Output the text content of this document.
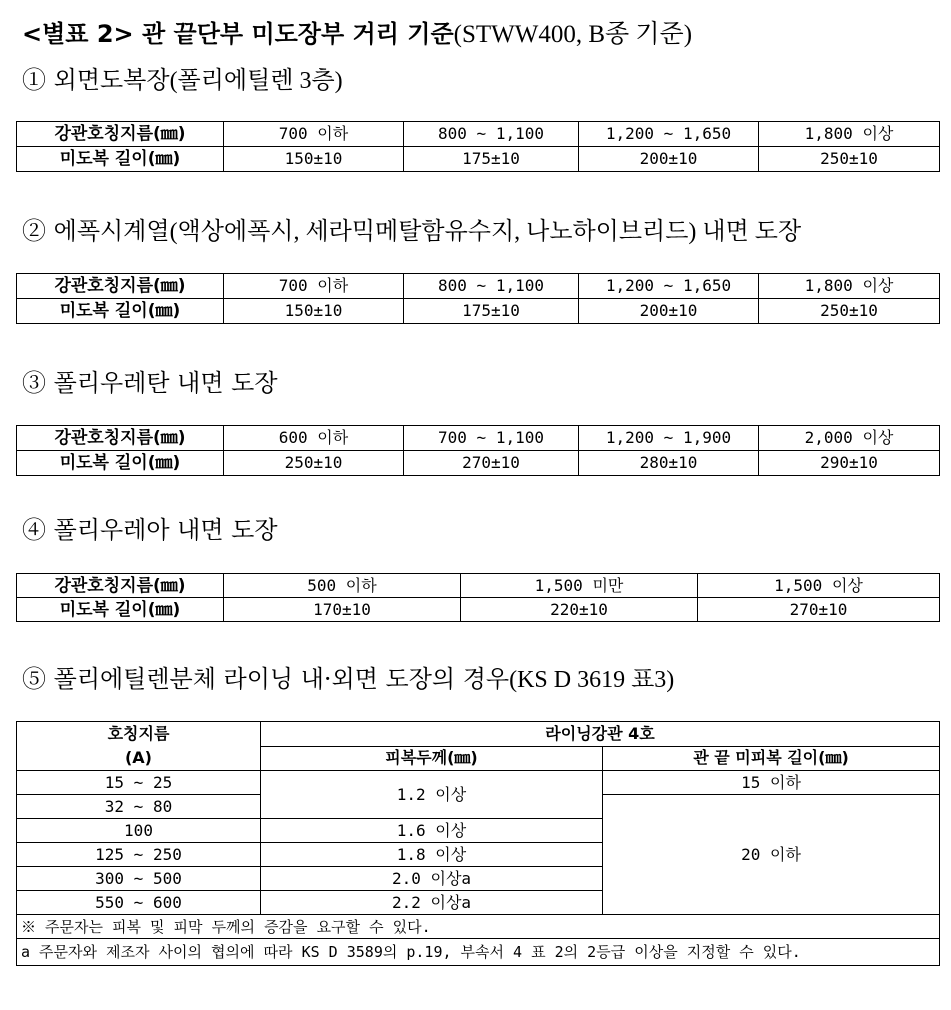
<별표 2> 관 끝단부 미도장부 거리 기준(STWW400, B종 기준)
① 외면도복장(폴리에틸렌 3층)
강관호칭지름(㎜)	700 이하	800 ~ 1,100	1,200 ~ 1,650	1,800 이상
미도복 길이(㎜)	150±10	175±10	200±10	250±10
② 에폭시계열(액상에폭시, 세라믹메탈함유수지, 나노하이브리드) 내면 도장
강관호칭지름(㎜)	700 이하	800 ~ 1,100	1,200 ~ 1,650	1,800 이상
미도복 길이(㎜)	150±10	175±10	200±10	250±10
③ 폴리우레탄 내면 도장
강관호칭지름(㎜)	600 이하	700 ~ 1,100	1,200 ~ 1,900	2,000 이상
미도복 길이(㎜)	250±10	270±10	280±10	290±10
④ 폴리우레아 내면 도장
강관호칭지름(㎜)	500 이하	1,500 미만	1,500 이상
미도복 길이(㎜)	170±10	220±10	270±10
⑤ 폴리에틸렌분체 라이닝 내·외면 도장의 경우(KS D 3619 표3)
호칭지름
(A)	라이닝강관 4호	
	피복두께(㎜)	관 끝 미피복 길이(㎜)
15 ~ 25	1.2 이상	15 이하
32 ~ 80		20 이하
100	1.6 이상	
125 ~ 250	1.8 이상	
300 ~ 500	2.0 이상a	
550 ~ 600	2.2 이상a	
※ 주문자는 피복 및 피막 두께의 증감을 요구할 수 있다.		
a 주문자와 제조자 사이의 협의에 따라 KS D 3589의 p.19, 부속서 4 표 2의 2등급 이상을 지정할 수 있다.		
